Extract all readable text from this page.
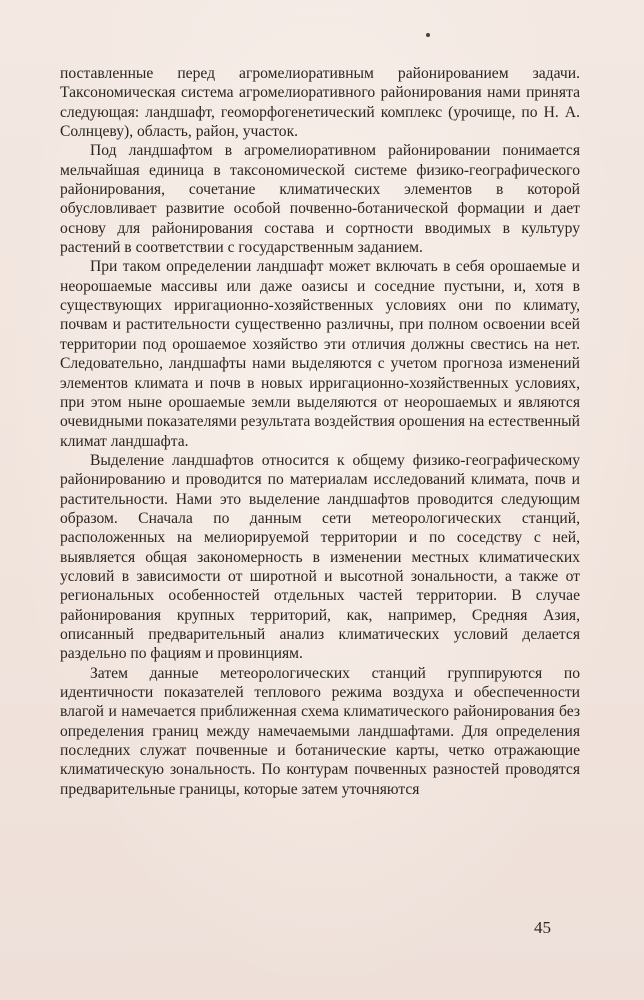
поставленные перед агромелиоративным районированием задачи. Таксономическая система агромелиоративного районирования нами принята следующая: ландшафт, геоморфогенетический комплекс (урочище, по Н. А. Солнцеву), область, район, участок.

Под ландшафтом в агромелиоративном районировании понимается мельчайшая единица в таксономической системе физико-географического районирования, сочетание климатических элементов в которой обусловливает развитие особой почвенно-ботанической формации и дает основу для районирования состава и сортности вводимых в культуру растений в соответствии с государственным заданием.

При таком определении ландшафт может включать в себя орошаемые и неорошаемые массивы или даже оазисы и соседние пустыни, и, хотя в существующих ирригационно-хозяйственных условиях они по климату, почвам и растительности существенно различны, при полном освоении всей территории под орошаемое хозяйство эти отличия должны свестись на нет. Следовательно, ландшафты нами выделяются с учетом прогноза изменений элементов климата и почв в новых ирригационно-хозяйственных условиях, при этом ныне орошаемые земли выделяются от неорошаемых и являются очевидными показателями результата воздействия орошения на естественный климат ландшафта.

Выделение ландшафтов относится к общему физико-географическому районированию и проводится по материалам исследований климата, почв и растительности. Нами это выделение ландшафтов проводится следующим образом. Сначала по данным сети метеорологических станций, расположенных на мелиорируемой территории и по соседству с ней, выявляется общая закономерность в изменении местных климатических условий в зависимости от широтной и высотной зональности, а также от региональных особенностей отдельных частей территории. В случае районирования крупных территорий, как, например, Средняя Азия, описанный предварительный анализ климатических условий делается раздельно по фациям и провинциям.

Затем данные метеорологических станций группируются по идентичности показателей теплового режима воздуха и обеспеченности влагой и намечается приближенная схема климатического районирования без определения границ между намечаемыми ландшафтами. Для определения последних служат почвенные и ботанические карты, четко отражающие климатическую зональность. По контурам почвенных разностей проводятся предварительные границы, которые затем уточняются

45
